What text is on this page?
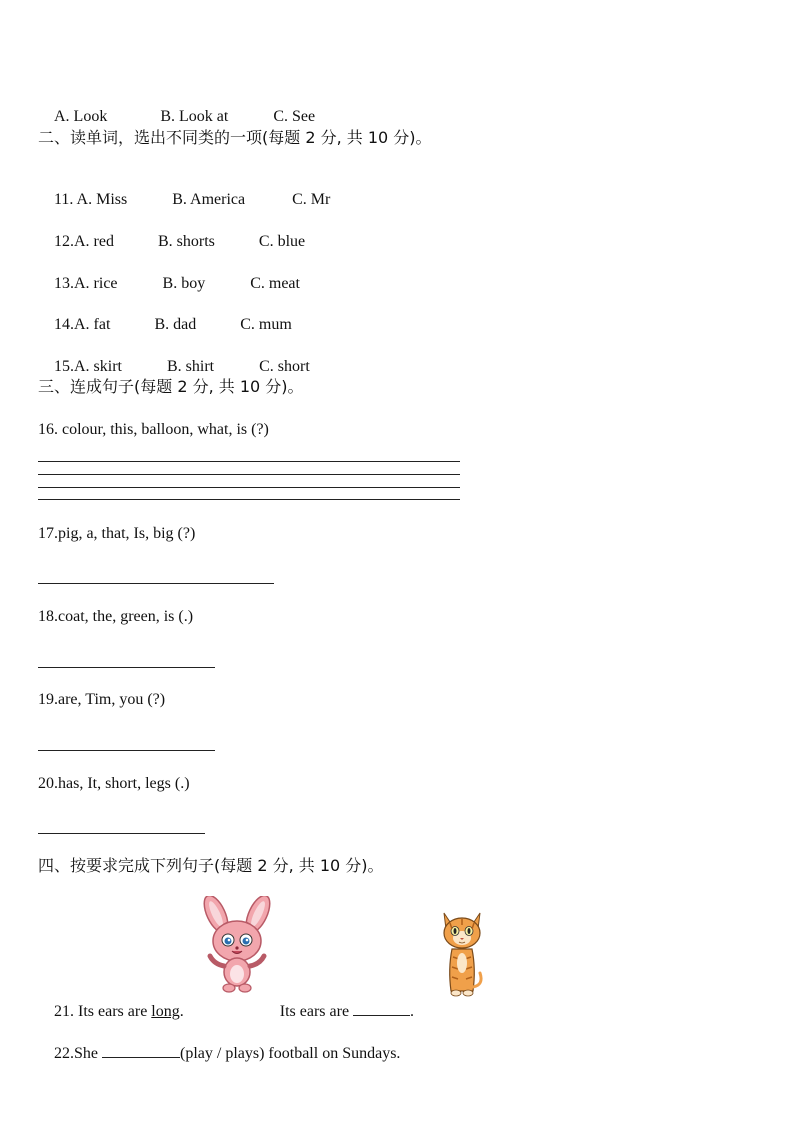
A. Look	B. Look at	C. See

二、读单词，选出不同类的一项(每题 2 分, 共 10 分)。

11. A. Miss	B. America	C. Mr

12.A. red	B. shorts	C. blue

13.A. rice	B. boy	C. meat

14.A. fat	B. dad	C. mum

15.A. skirt	B. shirt	C. short

三、连成句子(每题 2 分, 共 10 分)。
16. colour, this, balloon, what, is (?)
17.pig, a, that, Is, big (?)
18.coat, the, green, is (.)
19.are, Tim, you (?)
20.has, It, short, legs (.)
四、按要求完成下列句子(每题 2 分, 共 10 分)。

21. Its ears are long.	Its ears are	.

22.She	(play / plays) football on Sundays.
